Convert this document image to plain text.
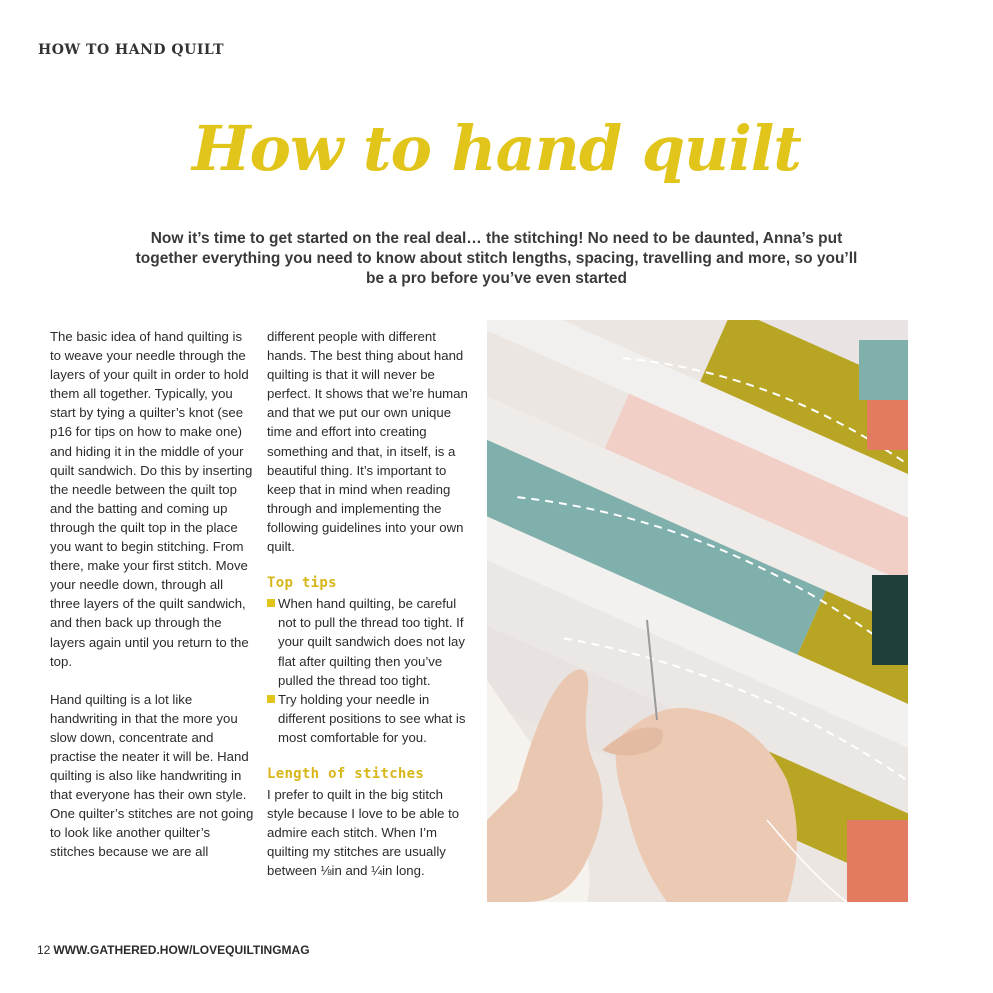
HOW TO HAND QUILT
How to hand quilt
Now it’s time to get started on the real deal… the stitching! No need to be daunted, Anna’s put together everything you need to know about stitch lengths, spacing, travelling and more, so you’ll be a pro before you’ve even started

The basic idea of hand quilting is to weave your needle through the layers of your quilt in order to hold them all together. Typically, you start by tying a quilter’s knot (see p16 for tips on how to make one) and hiding it in the middle of your quilt sandwich. Do this by inserting the needle between the quilt top and the batting and coming up through the quilt top in the place you want to begin stitching. From there, make your first stitch. Move your needle down, through all three layers of the quilt sandwich, and then back up through the layers again until you return to the top.

Hand quilting is a lot like handwriting in that the more you slow down, concentrate and practise the neater it will be. Hand quilting is also like handwriting in that everyone has their own style. One quilter’s stitches are not going to look like another quilter’s stitches because we are all

different people with different hands. The best thing about hand quilting is that it will never be perfect. It shows that we’re human and that we put our own unique time and effort into creating something and that, in itself, is a beautiful thing. It’s important to keep that in mind when reading through and implementing the following guidelines into your own quilt.

Top tips
When hand quilting, be careful not to pull the thread too tight. If your quilt sandwich does not lay flat after quilting then you’ve pulled the thread too tight.
Try holding your needle in different positions to see what is most comfortable for you.
Length of stitches

I prefer to quilt in the big stitch style because I love to be able to admire each stitch. When I’m quilting my stitches are usually between ⅛in and ¼in long.

12 WWW.GATHERED.HOW/LOVEQUILTINGMAG
